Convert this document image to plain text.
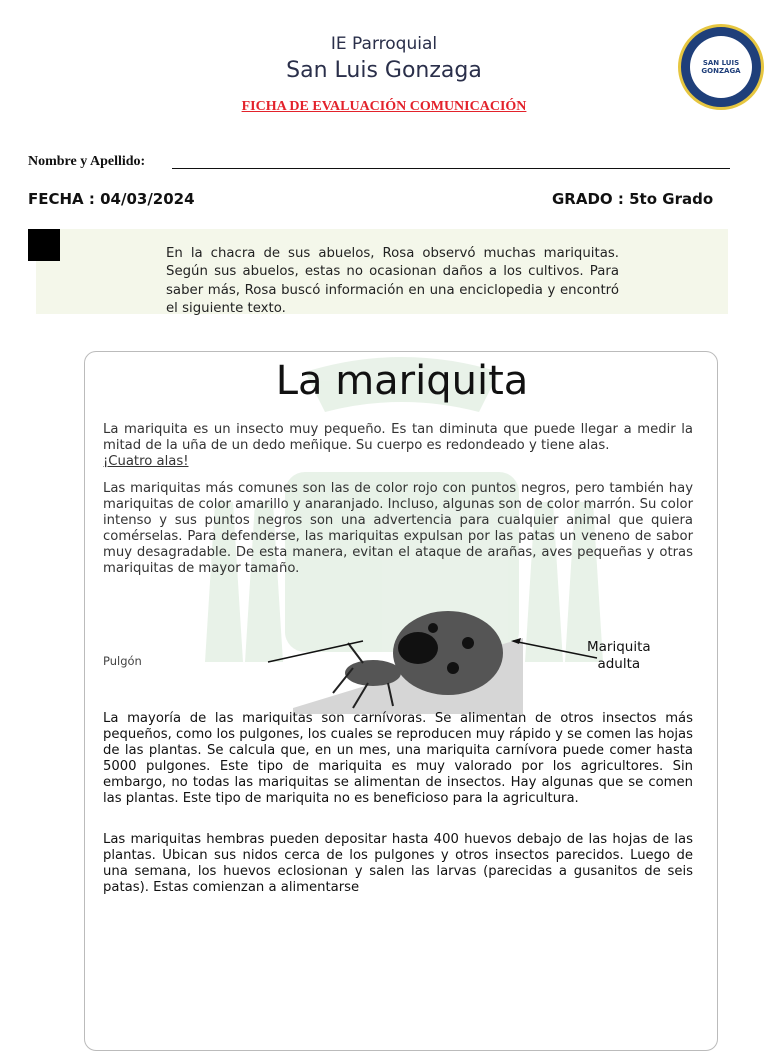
IE Parroquial
San Luis Gonzaga
FICHA DE EVALUACIÓN COMUNICACIÓN
SAN LUIS
GONZAGA
Nombre y Apellido:
FECHA : 04/03/2024	GRADO : 5to Grado
En la chacra de sus abuelos, Rosa observó muchas mariquitas. Según sus abuelos, estas no ocasionan daños a los cultivos. Para saber más, Rosa buscó información en una enciclopedia y encontró el siguiente texto.
La mariquita
La mariquita es un insecto muy pequeño. Es tan diminuta que puede llegar a medir la mitad de la uña de un dedo meñique. Su cuerpo es redondeado y tiene alas.
¡Cuatro alas!
Las mariquitas más comunes son las de color rojo con puntos negros, pero también hay mariquitas de color amarillo y anaranjado. Incluso, algunas son de color marrón. Su color intenso y sus puntos negros son una advertencia para cualquier animal que quiera comérselas. Para defenderse, las mariquitas expulsan por las patas un veneno de sabor muy desagradable. De esta manera, evitan el ataque de arañas, aves pequeñas y otras mariquitas de mayor tamaño.
Pulgón
Mariquita
adulta
La mayoría de las mariquitas son carnívoras. Se alimentan de otros insectos más pequeños, como los pulgones, los cuales se reproducen muy rápido y se comen las hojas de las plantas. Se calcula que, en un mes, una mariquita carnívora puede comer hasta 5000 pulgones. Este tipo de mariquita es muy valorado por los agricultores. Sin embargo, no todas las mariquitas se alimentan de insectos. Hay algunas que se comen las plantas. Este tipo de mariquita no es beneficioso para la agricultura.
Las mariquitas hembras pueden depositar hasta 400 huevos debajo de las hojas de las plantas. Ubican sus nidos cerca de los pulgones y otros insectos parecidos. Luego de una semana, los huevos eclosionan y salen las larvas (parecidas a gusanitos de seis patas). Estas comienzan a alimentarse
